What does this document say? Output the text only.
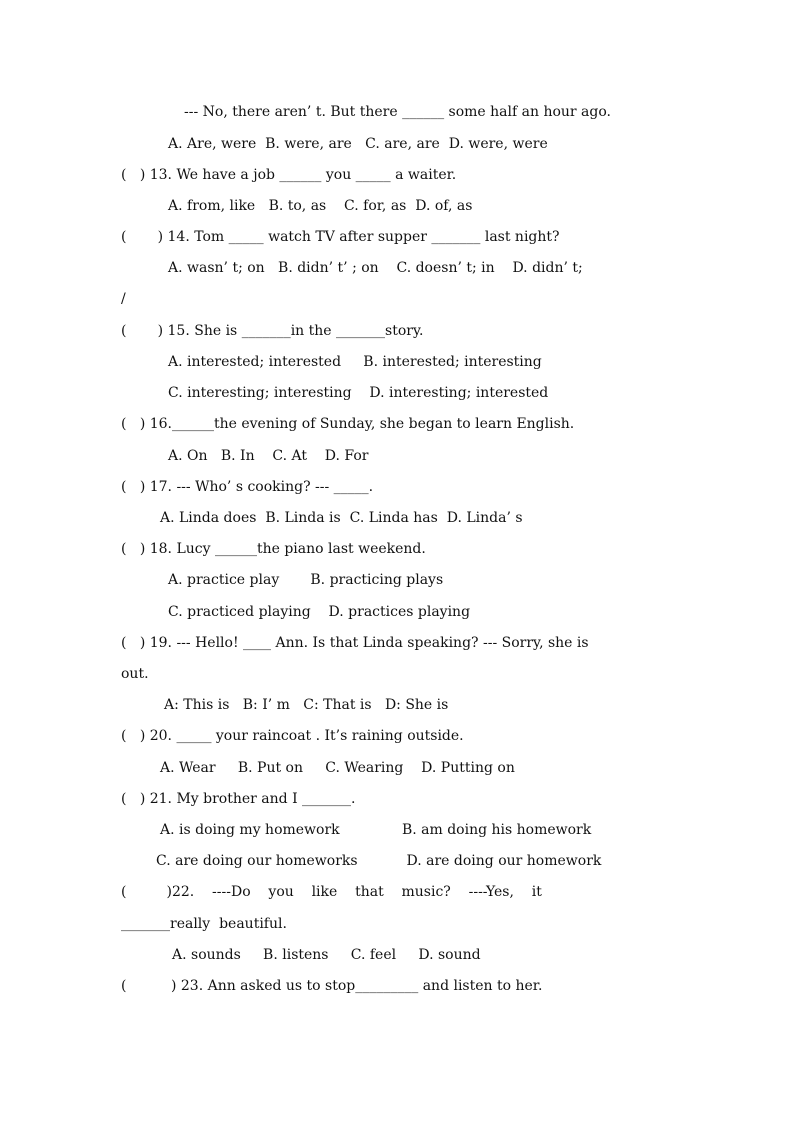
--- No, there aren’ t. But there ______ some half an hour ago.
A. Are, were  B. were, are   C. are, are  D. were, were
(   ) 13. We have a job ______ you _____ a waiter.
A. from, like   B. to, as    C. for, as  D. of, as
(       ) 14. Tom _____ watch TV after supper _______ last night?
A. wasn’ t; on   B. didn’ t’ ; on    C. doesn’ t; in    D. didn’ t;
/
(       ) 15. She is _______in the _______story.
A. interested; interested     B. interested; interesting
C. interesting; interesting    D. interesting; interested
(   ) 16.______the evening of Sunday, she began to learn English.
A. On   B. In    C. At    D. For
(   ) 17. --- Who’ s cooking? --- _____.
A. Linda does  B. Linda is  C. Linda has  D. Linda’ s
(   ) 18. Lucy ______the piano last weekend.
A. practice play       B. practicing plays
C. practiced playing    D. practices playing
(   ) 19. --- Hello! ____ Ann. Is that Linda speaking? --- Sorry, she is
out.
A: This is   B: I’ m   C: That is   D: She is
(   ) 20. _____ your raincoat . It’s raining outside.
A. Wear     B. Put on     C. Wearing    D. Putting on
(   ) 21. My brother and I _______.
A. is doing my homework              B. am doing his homework
C. are doing our homeworks           D. are doing our homework
(         )22.    ----Do    you    like    that    music?    ----Yes,    it
_______really  beautiful.
A. sounds     B. listens     C. feel     D. sound
(          ) 23. Ann asked us to stop_________ and listen to her.
